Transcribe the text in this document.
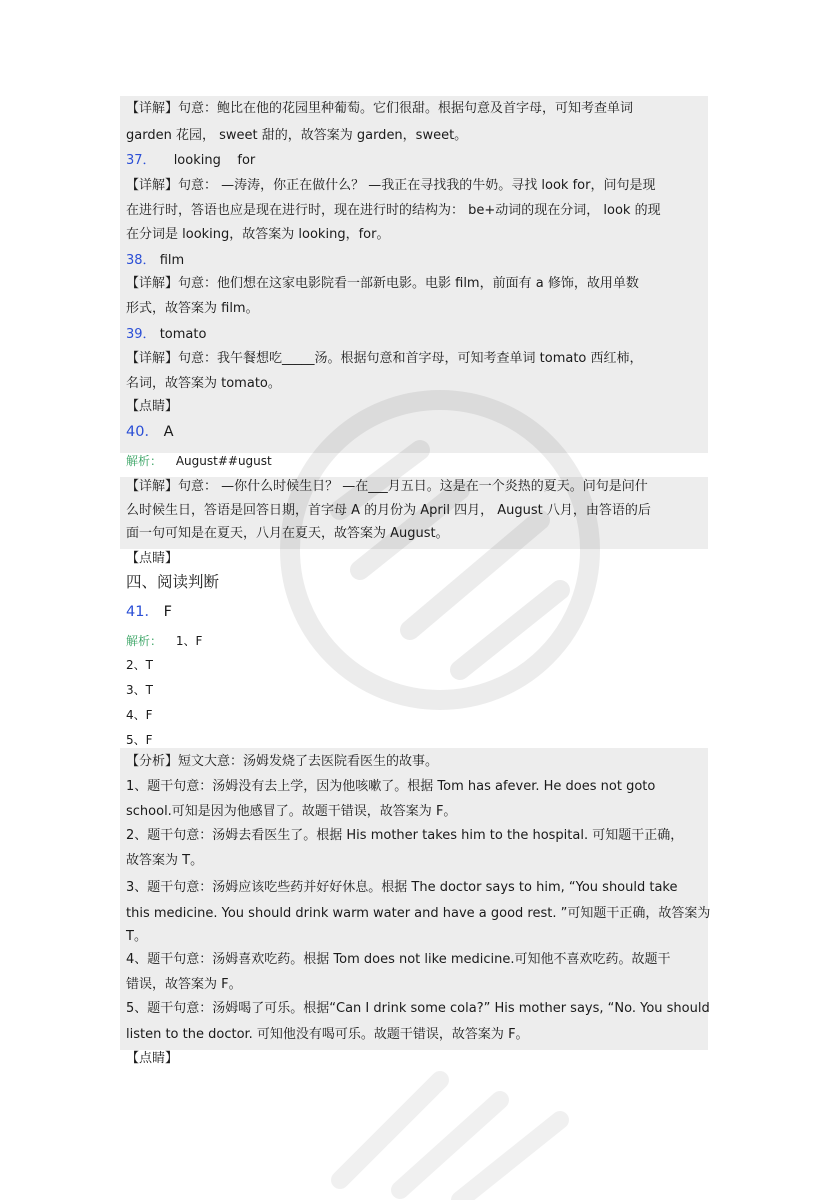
【详解】句意：鲍比在他的花园里种葡萄。它们很甜。根据句意及首字母，可知考查单词
garden 花园， sweet 甜的，故答案为 garden，sweet。
37． looking    for
【详解】句意： —涛涛，你正在做什么？ —我正在寻找我的牛奶。寻找 look for，问句是现
在进行时，答语也应是现在进行时，现在进行时的结构为： be+动词的现在分词， look 的现
在分词是 looking，故答案为 looking，for。
38． film
【详解】句意：他们想在这家电影院看一部新电影。电影 film，前面有 a 修饰，故用单数
形式，故答案为 film。
39． tomato
【详解】句意：我午餐想吃_____汤。根据句意和首字母，可知考查单词 tomato 西红柿，
名词，故答案为 tomato。
【点睛】
40． A
解析： August##ugust
【详解】句意： —你什么时候生日？ —在___月五日。这是在一个炎热的夏天。问句是问什
么时候生日，答语是回答日期，首字母 A 的月份为 April 四月， August 八月，由答语的后
面一句可知是在夏天，八月在夏天，故答案为 August。
【点睛】
四、阅读判断
41． F
解析： 1、F
2、T
3、T
4、F
5、F
【分析】短文大意：汤姆发烧了去医院看医生的故事。
1、题干句意：汤姆没有去上学，因为他咳嗽了。根据 Tom has afever. He does not goto
school.可知是因为他感冒了。故题干错误，故答案为 F。
2、题干句意：汤姆去看医生了。根据 His mother takes him to the hospital. 可知题干正确，
故答案为 T。
3、题干句意：汤姆应该吃些药并好好休息。根据 The doctor says to him, “You should take
this medicine. You should drink warm water and have a good rest. ”可知题干正确，故答案为
T。
4、题干句意：汤姆喜欢吃药。根据 Tom does not like medicine.可知他不喜欢吃药。故题干
错误，故答案为 F。
5、题干句意：汤姆喝了可乐。根据“Can I drink some cola?” His mother says, “No. You should
listen to the doctor. 可知他没有喝可乐。故题干错误，故答案为 F。
【点睛】
